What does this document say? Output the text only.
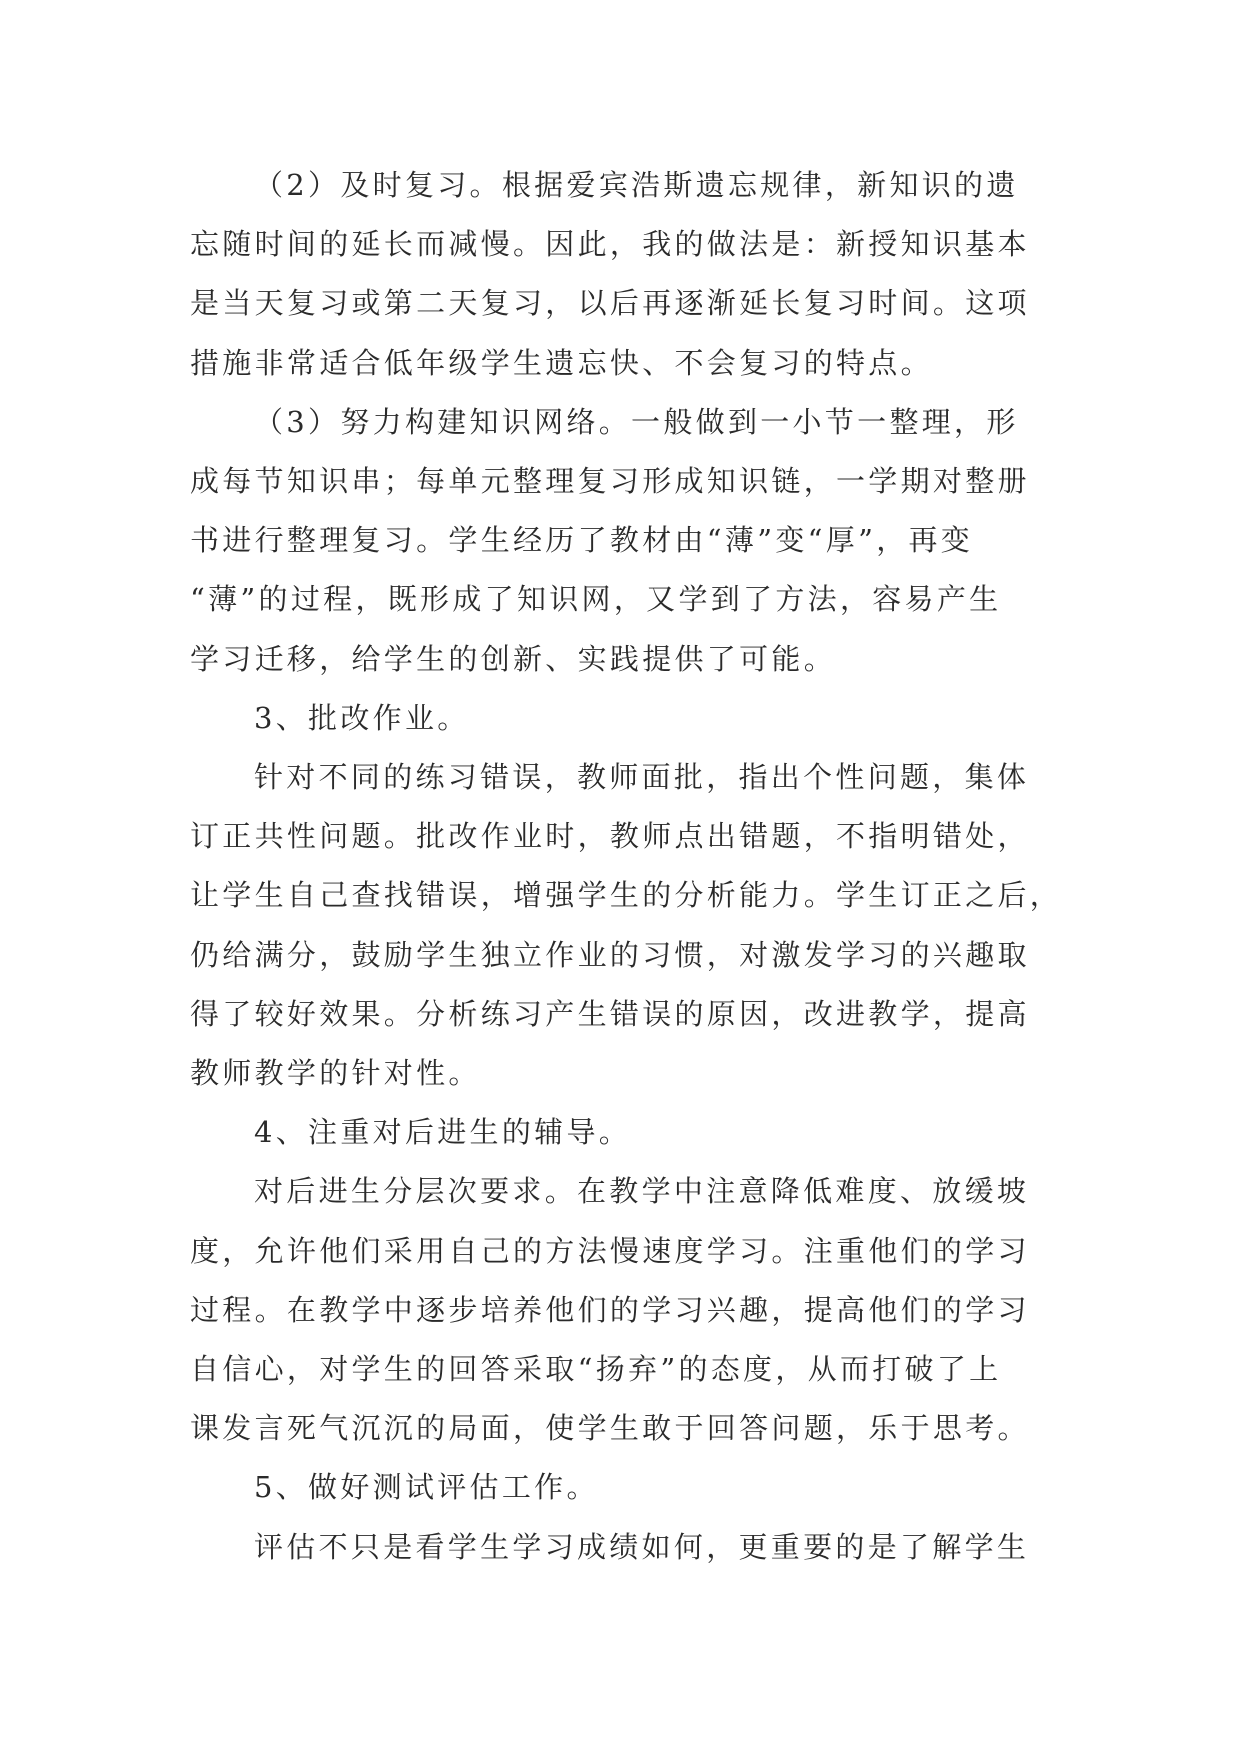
（2）及时复习。根据爱宾浩斯遗忘规律，新知识的遗
忘随时间的延长而减慢。因此，我的做法是：新授知识基本
是当天复习或第二天复习，以后再逐渐延长复习时间。这项
措施非常适合低年级学生遗忘快、不会复习的特点。
（3）努力构建知识网络。一般做到一小节一整理，形
成每节知识串；每单元整理复习形成知识链，一学期对整册
书进行整理复习。学生经历了教材由“薄”变“厚”，再变
“薄”的过程，既形成了知识网，又学到了方法，容易产生
学习迁移，给学生的创新、实践提供了可能。
3、批改作业。
针对不同的练习错误，教师面批，指出个性问题，集体
订正共性问题。批改作业时，教师点出错题，不指明错处，
让学生自己查找错误，增强学生的分析能力。学生订正之后，
仍给满分，鼓励学生独立作业的习惯，对激发学习的兴趣取
得了较好效果。分析练习产生错误的原因，改进教学，提高
教师教学的针对性。
4、注重对后进生的辅导。
对后进生分层次要求。在教学中注意降低难度、放缓坡
度，允许他们采用自己的方法慢速度学习。注重他们的学习
过程。在教学中逐步培养他们的学习兴趣，提高他们的学习
自信心，对学生的回答采取“扬弃”的态度，从而打破了上
课发言死气沉沉的局面，使学生敢于回答问题，乐于思考。
5、做好测试评估工作。
评估不只是看学生学习成绩如何，更重要的是了解学生
